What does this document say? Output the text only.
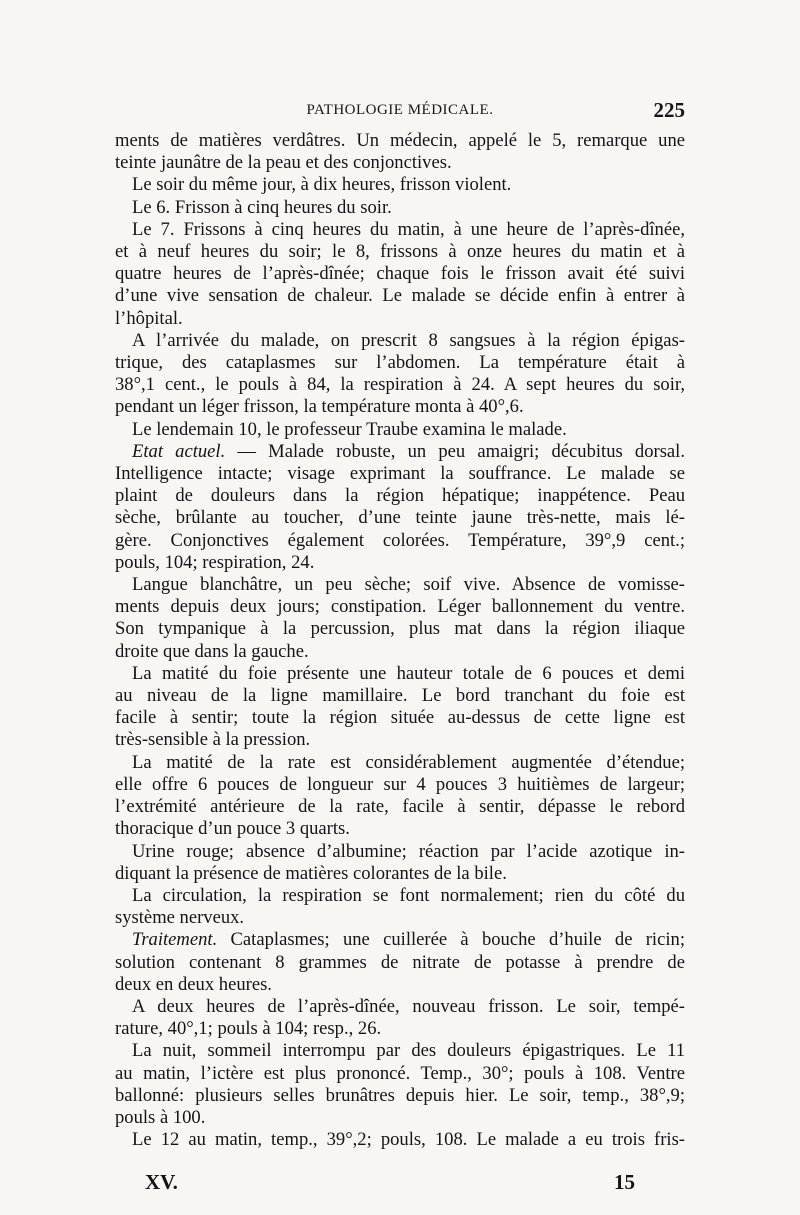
PATHOLOGIE MÉDICALE.	225
ments de matières verdâtres. Un médecin, appelé le 5, remarque une
teinte jaunâtre de la peau et des conjonctives.
Le soir du même jour, à dix heures, frisson violent.
Le 6. Frisson à cinq heures du soir.
Le 7. Frissons à cinq heures du matin, à une heure de l’après-dînée,
et à neuf heures du soir; le 8, frissons à onze heures du matin et à
quatre heures de l’après-dînée; chaque fois le frisson avait été suivi
d’une vive sensation de chaleur. Le malade se décide enfin à entrer à
l’hôpital.
A l’arrivée du malade, on prescrit 8 sangsues à la région épigas-
trique, des cataplasmes sur l’abdomen. La température était à
38°,1 cent., le pouls à 84, la respiration à 24. A sept heures du soir,
pendant un léger frisson, la température monta à 40°,6.
Le lendemain 10, le professeur Traube examina le malade.
Etat actuel. — Malade robuste, un peu amaigri; décubitus dorsal.
Intelligence intacte; visage exprimant la souffrance. Le malade se
plaint de douleurs dans la région hépatique; inappétence. Peau
sèche, brûlante au toucher, d’une teinte jaune très-nette, mais lé-
gère. Conjonctives également colorées. Température, 39°,9 cent.;
pouls, 104; respiration, 24.
Langue blanchâtre, un peu sèche; soif vive. Absence de vomisse-
ments depuis deux jours; constipation. Léger ballonnement du ventre.
Son tympanique à la percussion, plus mat dans la région iliaque
droite que dans la gauche.
La matité du foie présente une hauteur totale de 6 pouces et demi
au niveau de la ligne mamillaire. Le bord tranchant du foie est
facile à sentir; toute la région située au-dessus de cette ligne est
très-sensible à la pression.
La matité de la rate est considérablement augmentée d’étendue;
elle offre 6 pouces de longueur sur 4 pouces 3 huitièmes de largeur;
l’extrémité antérieure de la rate, facile à sentir, dépasse le rebord
thoracique d’un pouce 3 quarts.
Urine rouge; absence d’albumine; réaction par l’acide azotique in-
diquant la présence de matières colorantes de la bile.
La circulation, la respiration se font normalement; rien du côté du
système nerveux.
Traitement. Cataplasmes; une cuillerée à bouche d’huile de ricin;
solution contenant 8 grammes de nitrate de potasse à prendre de
deux en deux heures.
A deux heures de l’après-dînée, nouveau frisson. Le soir, tempé-
rature, 40°,1; pouls à 104; resp., 26.
La nuit, sommeil interrompu par des douleurs épigastriques. Le 11
au matin, l’ictère est plus prononcé. Temp., 30°; pouls à 108. Ventre
ballonné: plusieurs selles brunâtres depuis hier. Le soir, temp., 38°,9;
pouls à 100.
Le 12 au matin, temp., 39°,2; pouls, 108. Le malade a eu trois fris-
XV.	15
